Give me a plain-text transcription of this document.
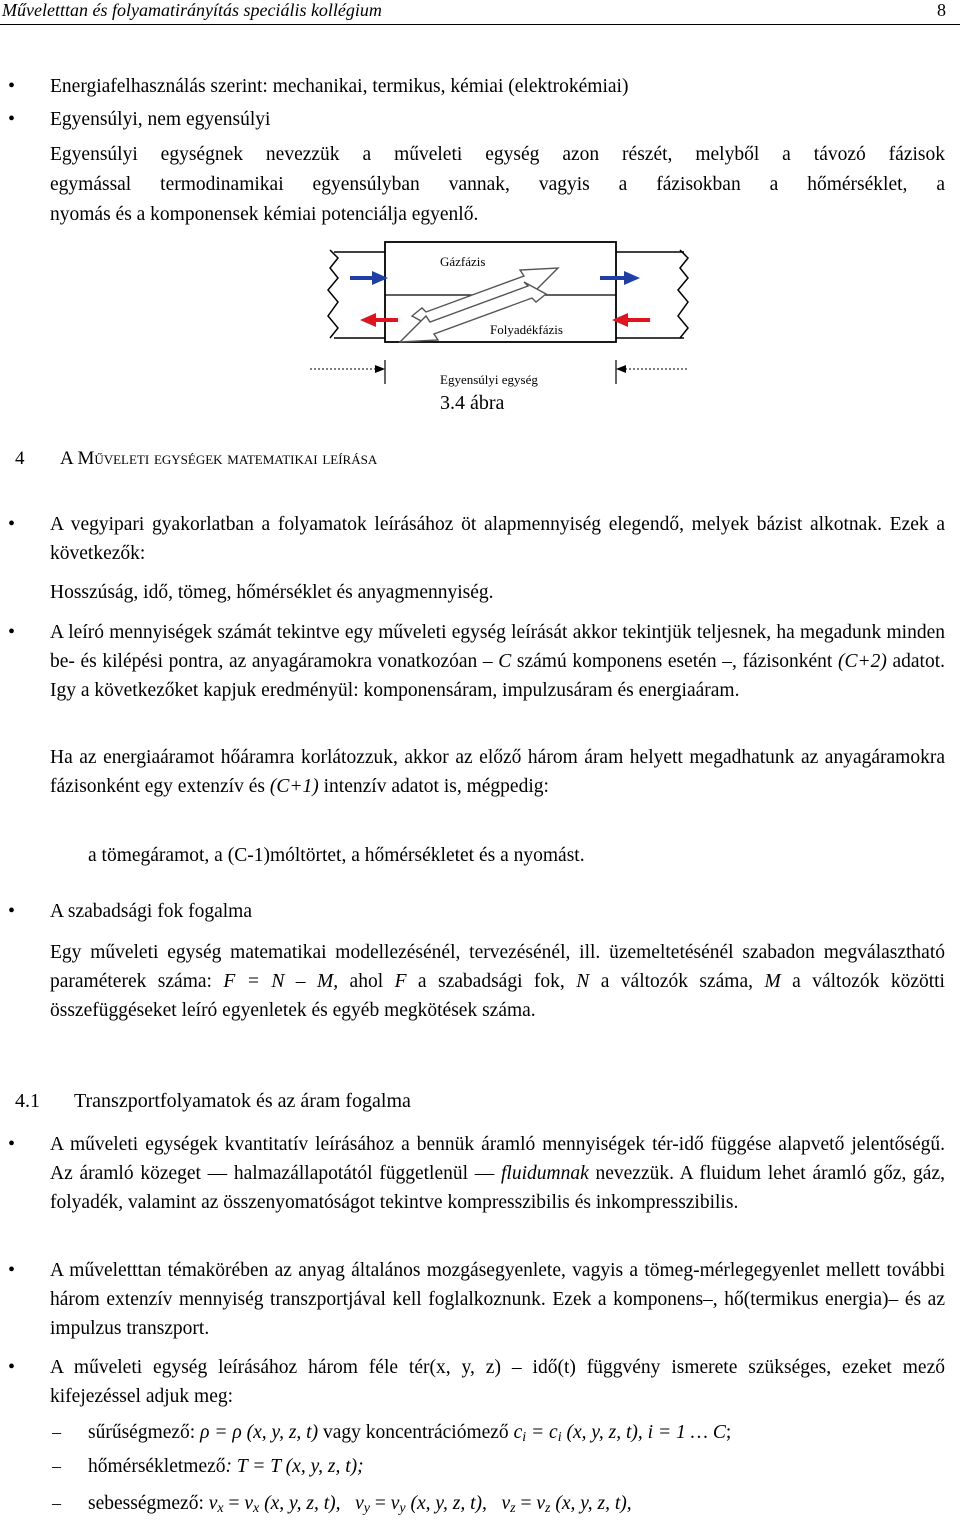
Műveletttan és folyamatirányítás speciális kollégium	8
•	Energiafelhasználás szerint: mechanikai, termikus, kémiai (elektrokémiai)
•	Egyensúlyi, nem egyensúlyi
Egyensúlyi egységnek nevezzük a műveleti egység azon részét, melyből a távozó fázisok
egymással termodinamikai egyensúlyban vannak, vagyis a fázisokban a hőmérséklet, a
nyomás és a komponensek kémiai potenciálja egyenlő.
Gázfázis
Folyadékfázis
Egyensúlyi egység
3.4 ábra
4 A Műveleti egységek matematikai leírása
•	A vegyipari gyakorlatban a folyamatok leírásához öt alapmennyiség elegendő, melyek bázist alkotnak. Ezek a következők:
Hosszúság, idő, tömeg, hőmérséklet és anyagmennyiség.
•	A leíró mennyiségek számát tekintve egy műveleti egység leírását akkor tekintjük teljesnek, ha megadunk minden be- és kilépési pontra, az anyagáramokra vonatkozóan – C számú komponens esetén –, fázisonként (C+2) adatot. Igy a következőket kapjuk eredményül: komponensáram, impulzusáram és energiaáram.
Ha az energiaáramot hőáramra korlátozzuk, akkor az előző három áram helyett megadhatunk az anyagáramokra fázisonként egy extenzív és (C+1) intenzív adatot is, mégpedig:
a tömegáramot, a (C-1)móltörtet, a hőmérsékletet és a nyomást.
•	A szabadsági fok fogalma
Egy műveleti egység matematikai modellezésénél, tervezésénél, ill. üzemeltetésénél szabadon megválasztható paraméterek száma: F = N – M, ahol F a szabadsági fok, N a változók száma, M a változók közötti összefüggéseket leíró egyenletek és egyéb megkötések száma.
4.1 Transzportfolyamatok és az áram fogalma
•	A műveleti egységek kvantitatív leírásához a bennük áramló mennyiségek tér-idő függése alapvető jelentőségű. Az áramló közeget — halmazállapotától függetlenül — fluidumnak nevezzük. A fluidum lehet áramló gőz, gáz, folyadék, valamint az összenyomatóságot tekintve kompresszibilis és inkompresszibilis.
•	A műveletttan témakörében az anyag általános mozgásegyenlete, vagyis a tömeg-mérlegegyenlet mellett további három extenzív mennyiség transzportjával kell foglalkoznunk. Ezek a komponens–, hő(termikus energia)– és az impulzus transzport.
•	A műveleti egység leírásához három féle tér(x, y, z) – idő(t) függvény ismerete szükséges, ezeket mező kifejezéssel adjuk meg:
– sűrűségmező: ρ = ρ (x, y, z, t) vagy koncentrációmező ci = ci (x, y, z, t), i = 1 … C;
– hőmérsékletmező: T = T (x, y, z, t);
– sebességmező: νx = νx (x, y, z, t), νy = νy (x, y, z, t), νz = νz (x, y, z, t),
